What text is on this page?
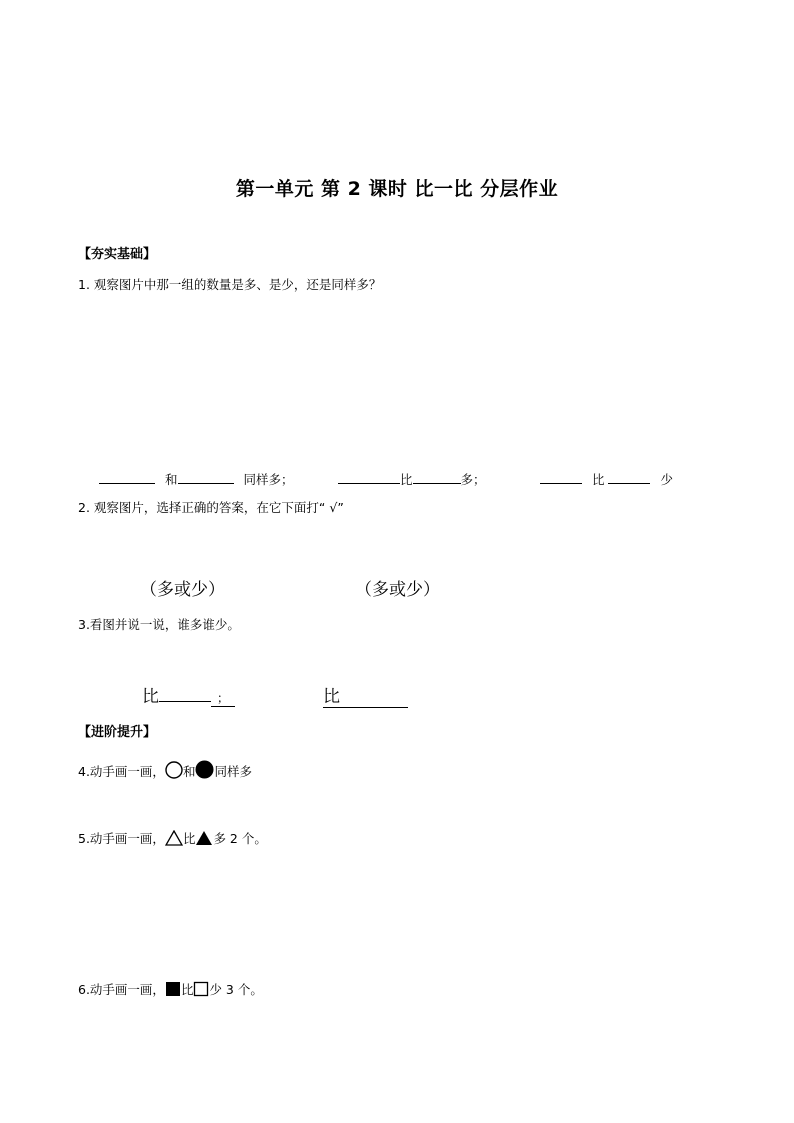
第一单元 第 2 课时 比一比 分层作业
【夯实基础】
1. 观察图片中那一组的数量是多、是少，还是同样多？
和	同样多；	比	多；	比	少
2. 观察图片，选择正确的答案，在它下面打“ √”
（多或少）	（多或少）
3.看图并说一说，谁多谁少。
比	；	比
【进阶提升】
4.动手画一画， 和 同样多
5.动手画一画， 比 多 2 个。
6.动手画一画， 比 少 3 个。
